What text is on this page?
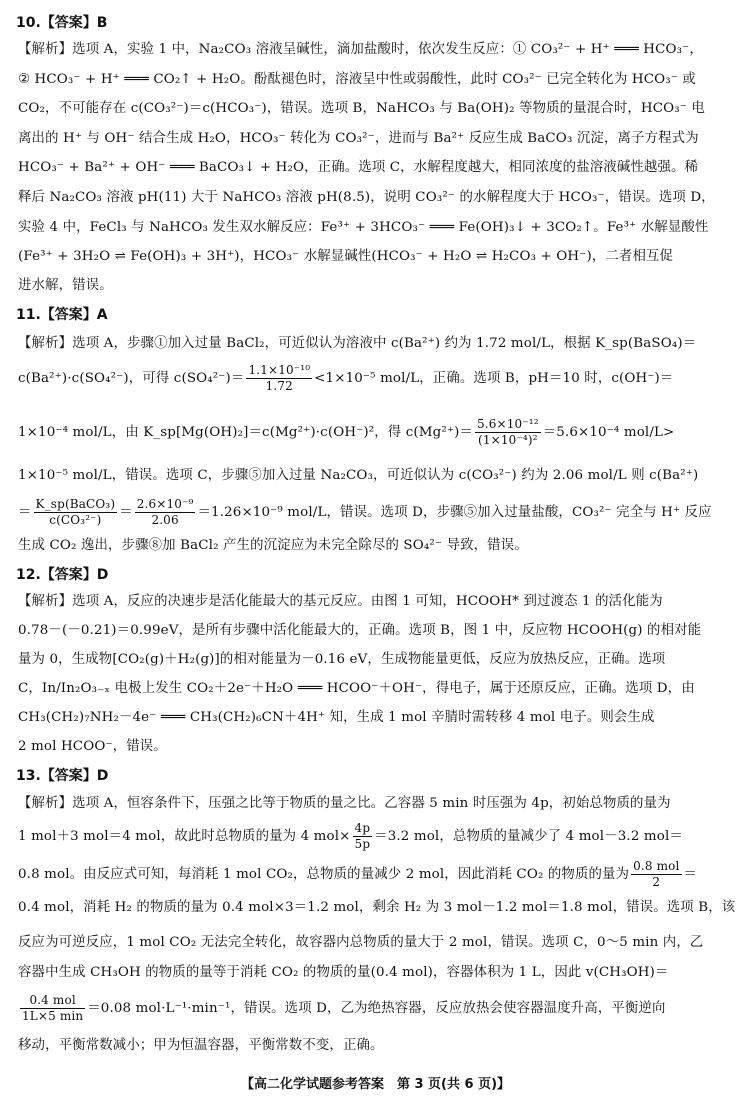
10.【答案】B
【解析】选项 A，实验 1 中，Na₂CO₃ 溶液呈碱性，滴加盐酸时，依次发生反应：① CO₃²⁻ + H⁺ ═══ HCO₃⁻，
② HCO₃⁻ + H⁺ ═══ CO₂↑ + H₂O。酚酞褪色时，溶液呈中性或弱酸性，此时 CO₃²⁻ 已完全转化为 HCO₃⁻ 或
CO₂，不可能存在 c(CO₃²⁻)＝c(HCO₃⁻)，错误。选项 B，NaHCO₃ 与 Ba(OH)₂ 等物质的量混合时，HCO₃⁻ 电
离出的 H⁺ 与 OH⁻ 结合生成 H₂O，HCO₃⁻ 转化为 CO₃²⁻，进而与 Ba²⁺ 反应生成 BaCO₃ 沉淀，离子方程式为
HCO₃⁻ + Ba²⁺ + OH⁻ ═══ BaCO₃↓ + H₂O，正确。选项 C，水解程度越大，相同浓度的盐溶液碱性越强。稀
释后 Na₂CO₃ 溶液 pH(11) 大于 NaHCO₃ 溶液 pH(8.5)，说明 CO₃²⁻ 的水解程度大于 HCO₃⁻，错误。选项 D，
实验 4 中，FeCl₃ 与 NaHCO₃ 发生双水解反应：Fe³⁺ + 3HCO₃⁻ ═══ Fe(OH)₃↓ + 3CO₂↑。Fe³⁺ 水解显酸性
(Fe³⁺ + 3H₂O ⇌ Fe(OH)₃ + 3H⁺)，HCO₃⁻ 水解显碱性(HCO₃⁻ + H₂O ⇌ H₂CO₃ + OH⁻)，二者相互促
进水解，错误。
11.【答案】A
【解析】选项 A，步骤①加入过量 BaCl₂，可近似认为溶液中 c(Ba²⁺) 约为 1.72 mol/L，根据 K_sp(BaSO₄)＝
c(Ba²⁺)·c(SO₄²⁻)，可得 $c(SO_4^{2-})= \frac{\text{1.1×10⁻¹⁰}}{1.72} <1\times 10^{-5}$ mol/L，正确。选项 B，pH＝10 时，c(OH⁻)＝
1×10⁻⁴ mol/L，由 K_sp[Mg(OH)₂]＝c(Mg²⁺)·c(OH⁻)²，得 $c(Mg^{2+})= \frac{\text{5.6×10⁻¹²}}{\text{(1×10⁻⁴)²}} =5.6\times 10^{-4}$ mol/L>
1×10⁻⁵ mol/L，错误。选项 C，步骤⑤加入过量 Na₂CO₃，可近似认为 c(CO₃²⁻) 约为 2.06 mol/L 则 c(Ba²⁺)
＝ $\frac{\text{K\_sp(BaCO₃)}}{\text{c(CO₃²⁻)}} = \frac{\text{2.6×10⁻⁹}}{2.06} =1.26\times 10^{-9}$ mol/L，错误。选项 D，步骤⑤加入过量盐酸，CO₃²⁻ 完全与 H⁺ 反应
生成 CO₂ 逸出，步骤⑧加 BaCl₂ 产生的沉淀应为未完全除尽的 SO₄²⁻ 导致，错误。
12.【答案】D
【解析】选项 A，反应的决速步是活化能最大的基元反应。由图 1 可知，HCOOH* 到过渡态 1 的活化能为
0.78－(－0.21)＝0.99eV，是所有步骤中活化能最大的，正确。选项 B，图 1 中，反应物 HCOOH(g) 的相对能
量为 0，生成物[CO₂(g)＋H₂(g)]的相对能量为－0.16 eV，生成物能量更低，反应为放热反应，正确。选项
C，In/In₂O₃₋ₓ 电极上发生 CO₂＋2e⁻＋H₂O ═══ HCOO⁻＋OH⁻，得电子，属于还原反应，正确。选项 D，由
CH₃(CH₂)₇NH₂－4e⁻ ═══ CH₃(CH₂)₆CN＋4H⁺ 知，生成 1 mol 辛腈时需转移 4 mol 电子。则会生成
2 mol HCOO⁻，错误。
13.【答案】D
【解析】选项 A，恒容条件下，压强之比等于物质的量之比。乙容器 5 min 时压强为 4p，初始总物质的量为
1 mol＋3 mol＝4 mol，故此时总物质的量为 4 $mol\times \frac{4p}{5p} =3.2$ mol，总物质的量减少了 4 mol－3.2 mol＝
0.8 mol。由反应式可知，每消耗 1 mol CO₂，总物质的量减少 2 mol，因此消耗 CO₂ 的物质的量为 $\frac{\text{0.8 mol}}{2}$ ＝
0.4 mol，消耗 H₂ 的物质的量为 0.4 mol×3＝1.2 mol，剩余 H₂ 为 3 mol－1.2 mol＝1.8 mol，错误。选项 B，该
反应为可逆反应，1 mol CO₂ 无法完全转化，故容器内总物质的量大于 2 mol，错误。选项 C，0～5 min 内，乙
容器中生成 CH₃OH 的物质的量等于消耗 CO₂ 的物质的量(0.4 mol)，容器体积为 1 L，因此 v(CH₃OH)＝
$\frac{\text{0.4 mol}}{1L\times 5 \min} =0.08$ mol·L⁻¹·min⁻¹，错误。选项 D，乙为绝热容器，反应放热会使容器温度升高，平衡逆向
移动，平衡常数减小；甲为恒温容器，平衡常数不变，正确。
【高二化学试题参考答案　第 3 页(共 6 页)】
